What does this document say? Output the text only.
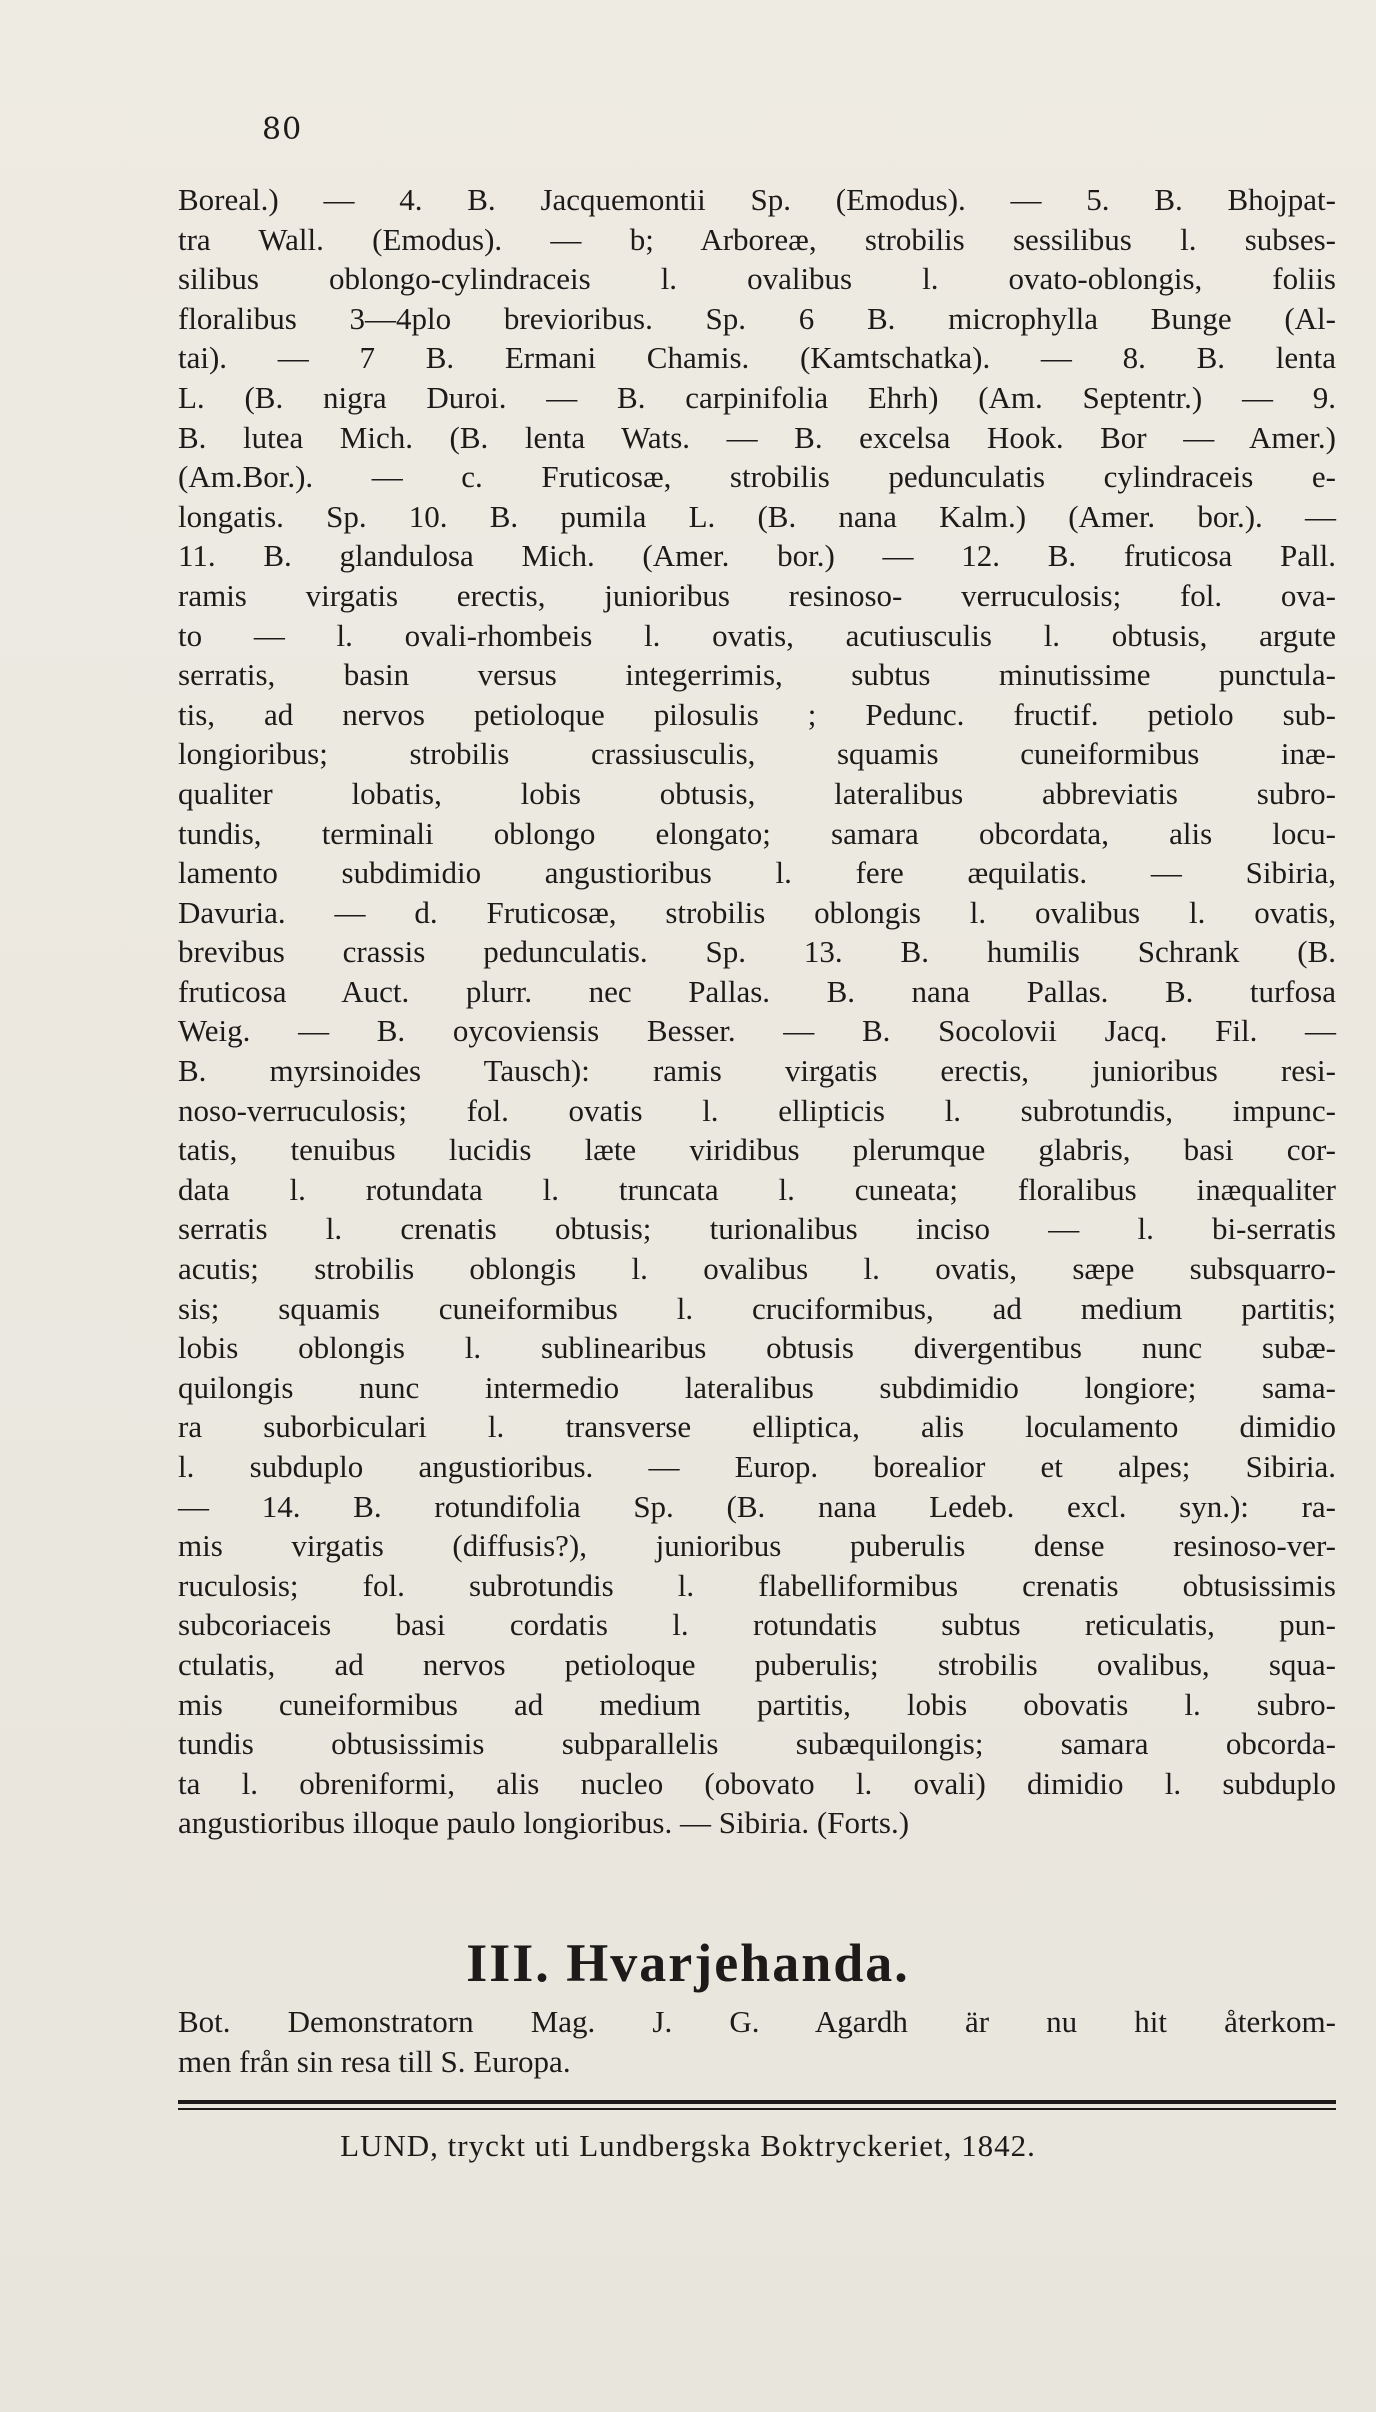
80
Boreal.) — 4. B. Jacquemontii Sp. (Emodus). — 5. B. Bhojpat-
tra Wall. (Emodus). — b; Arboreæ, strobilis sessilibus l. subses-
silibus oblongo-cylindraceis l. ovalibus l. ovato-oblongis, foliis
floralibus 3—4plo brevioribus. Sp. 6 B. microphylla Bunge (Al-
tai). — 7 B. Ermani Chamis. (Kamtschatka). — 8. B. lenta
L. (B. nigra Duroi. — B. carpinifolia Ehrh) (Am. Septentr.) — 9.
B. lutea Mich. (B. lenta Wats. — B. excelsa Hook. Bor — Amer.)
(Am.Bor.). — c. Fruticosæ, strobilis pedunculatis cylindraceis e-
longatis. Sp. 10. B. pumila L. (B. nana Kalm.) (Amer. bor.). —
11. B. glandulosa Mich. (Amer. bor.) — 12. B. fruticosa Pall.
ramis virgatis erectis, junioribus resinoso- verruculosis; fol. ova-
to — l. ovali-rhombeis l. ovatis, acutiusculis l. obtusis, argute
serratis, basin versus integerrimis, subtus minutissime punctula-
tis, ad nervos petioloque pilosulis ; Pedunc. fructif. petiolo sub-
longioribus; strobilis crassiusculis, squamis cuneiformibus inæ-
qualiter lobatis, lobis obtusis, lateralibus abbreviatis subro-
tundis, terminali oblongo elongato; samara obcordata, alis locu-
lamento subdimidio angustioribus l. fere æquilatis. — Sibiria,
Davuria. — d. Fruticosæ, strobilis oblongis l. ovalibus l. ovatis,
brevibus crassis pedunculatis. Sp. 13. B. humilis Schrank (B.
fruticosa Auct. plurr. nec Pallas. B. nana Pallas. B. turfosa
Weig. — B. oycoviensis Besser. — B. Socolovii Jacq. Fil. —
B. myrsinoides Tausch): ramis virgatis erectis, junioribus resi-
noso-verruculosis; fol. ovatis l. ellipticis l. subrotundis, impunc-
tatis, tenuibus lucidis læte viridibus plerumque glabris, basi cor-
data l. rotundata l. truncata l. cuneata; floralibus inæqualiter
serratis l. crenatis obtusis; turionalibus inciso — l. bi-serratis
acutis; strobilis oblongis l. ovalibus l. ovatis, sæpe subsquarro-
sis; squamis cuneiformibus l. cruciformibus, ad medium partitis;
lobis oblongis l. sublinearibus obtusis divergentibus nunc subæ-
quilongis nunc intermedio lateralibus subdimidio longiore; sama-
ra suborbiculari l. transverse elliptica, alis loculamento dimidio
l. subduplo angustioribus. — Europ. borealior et alpes; Sibiria.
— 14. B. rotundifolia Sp. (B. nana Ledeb. excl. syn.): ra-
mis virgatis (diffusis?), junioribus puberulis dense resinoso-ver-
ruculosis; fol. subrotundis l. flabelliformibus crenatis obtusissimis
subcoriaceis basi cordatis l. rotundatis subtus reticulatis, pun-
ctulatis, ad nervos petioloque puberulis; strobilis ovalibus, squa-
mis cuneiformibus ad medium partitis, lobis obovatis l. subro-
tundis obtusissimis subparallelis subæquilongis; samara obcorda-
ta l. obreniformi, alis nucleo (obovato l. ovali) dimidio l. subduplo
angustioribus illoque paulo longioribus. — Sibiria. (Forts.)
III. Hvarjehanda.
Bot. Demonstratorn Mag. J. G. Agardh är nu hit återkom-
men från sin resa till S. Europa.
LUND, tryckt uti Lundbergska Boktryckeriet, 1842.
